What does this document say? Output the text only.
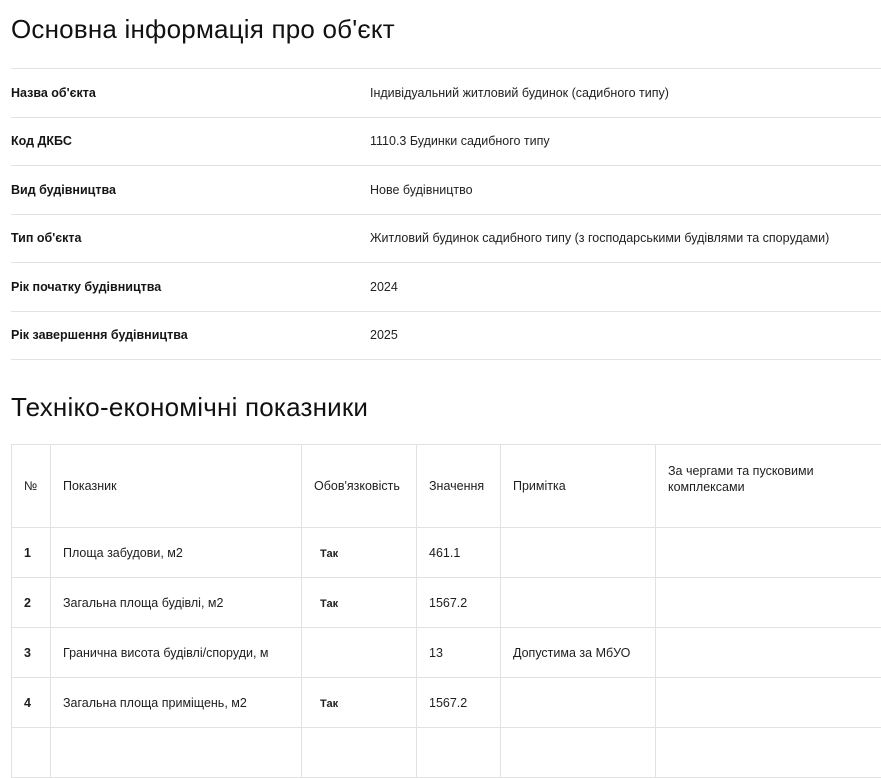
Основна інформація про об'єкт
Назва об'єкта	Індивідуальний житловий будинок (садибного типу)
Код ДКБС	1110.3 Будинки садибного типу
Вид будівництва	Нове будівництво
Тип об'єкта	Житловий будинок садибного типу (з господарськими будівлями та спорудами)
Рік початку будівництва	2024
Рік завершення будівництва	2025
Техніко-економічні показники
№	Показник	Обов'язковість	Значення	Примітка	За чергами та пусковими комплексами
1	Площа забудови, м2	Так	461.1		
2	Загальна площа будівлі, м2	Так	1567.2		
3	Гранична висота будівлі/споруди, м		13	Допустима за МбУО	
4	Загальна площа приміщень, м2	Так	1567.2		
